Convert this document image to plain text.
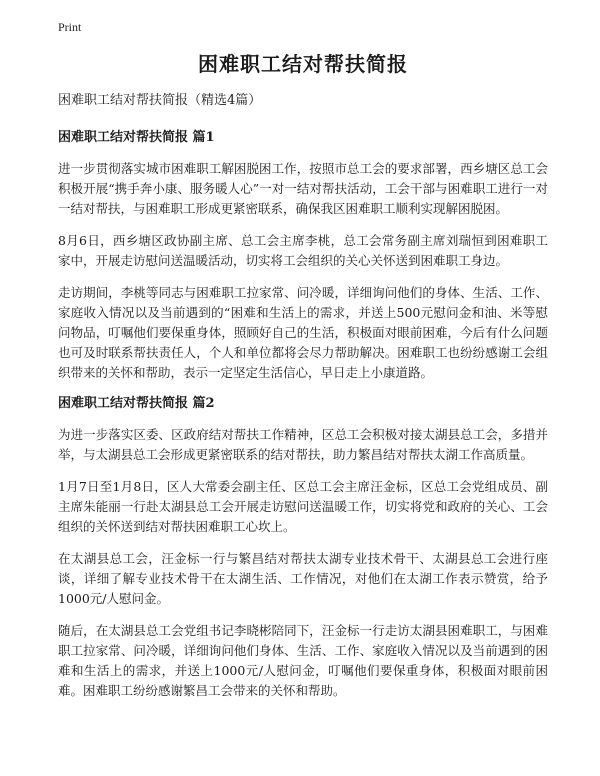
Print
困难职工结对帮扶简报

困难职工结对帮扶简报（精选4篇）

困难职工结对帮扶简报 篇1

进一步贯彻落实城市困难职工解困脱困工作，按照市总工会的要求部署，西乡塘区总工会积极开展“携手奔小康、服务暖人心”一对一结对帮扶活动，工会干部与困难职工进行一对一结对帮扶，与困难职工形成更紧密联系，确保我区困难职工顺利实现解困脱困。

8月6日，西乡塘区政协副主席、总工会主席李桃，总工会常务副主席刘瑞恒到困难职工家中，开展走访慰问送温暖活动，切实将工会组织的关心关怀送到困难职工身边。

走访期间，李桃等同志与困难职工拉家常、问冷暖，详细询问他们的身体、生活、工作、家庭收入情况以及当前遇到的“困难和生活上的需求，并送上500元慰问金和油、米等慰问物品，叮嘱他们要保重身体，照顾好自己的生活，积极面对眼前困难，今后有什么问题也可及时联系帮扶责任人，个人和单位都将会尽力帮助解决。困难职工也纷纷感谢工会组织带来的关怀和帮助，表示一定坚定生活信心，早日走上小康道路。

困难职工结对帮扶简报 篇2

为进一步落实区委、区政府结对帮扶工作精神，区总工会积极对接太湖县总工会，多措并举，与太湖县总工会形成更紧密联系的结对帮扶，助力繁昌结对帮扶太湖工作高质量。

1月7日至1月8日，区人大常委会副主任、区总工会主席汪金标，区总工会党组成员、副主席朱能丽一行赴太湖县总工会开展走访慰问送温暖工作，切实将党和政府的关心、工会组织的关怀送到结对帮扶困难职工心坎上。

在太湖县总工会，汪金标一行与繁昌结对帮扶太湖专业技术骨干、太湖县总工会进行座谈，详细了解专业技术骨干在太湖生活、工作情况，对他们在太湖工作表示赞赏，给予1000元/人慰问金。

随后，在太湖县总工会党组书记李晓彬陪同下，汪金标一行走访太湖县困难职工，与困难职工拉家常、问冷暖，详细询问他们身体、生活、工作、家庭收入情况以及当前遇到的困难和生活上的需求，并送上1000元/人慰问金，叮嘱他们要保重身体，积极面对眼前困难。困难职工纷纷感谢繁昌工会带来的关怀和帮助。
